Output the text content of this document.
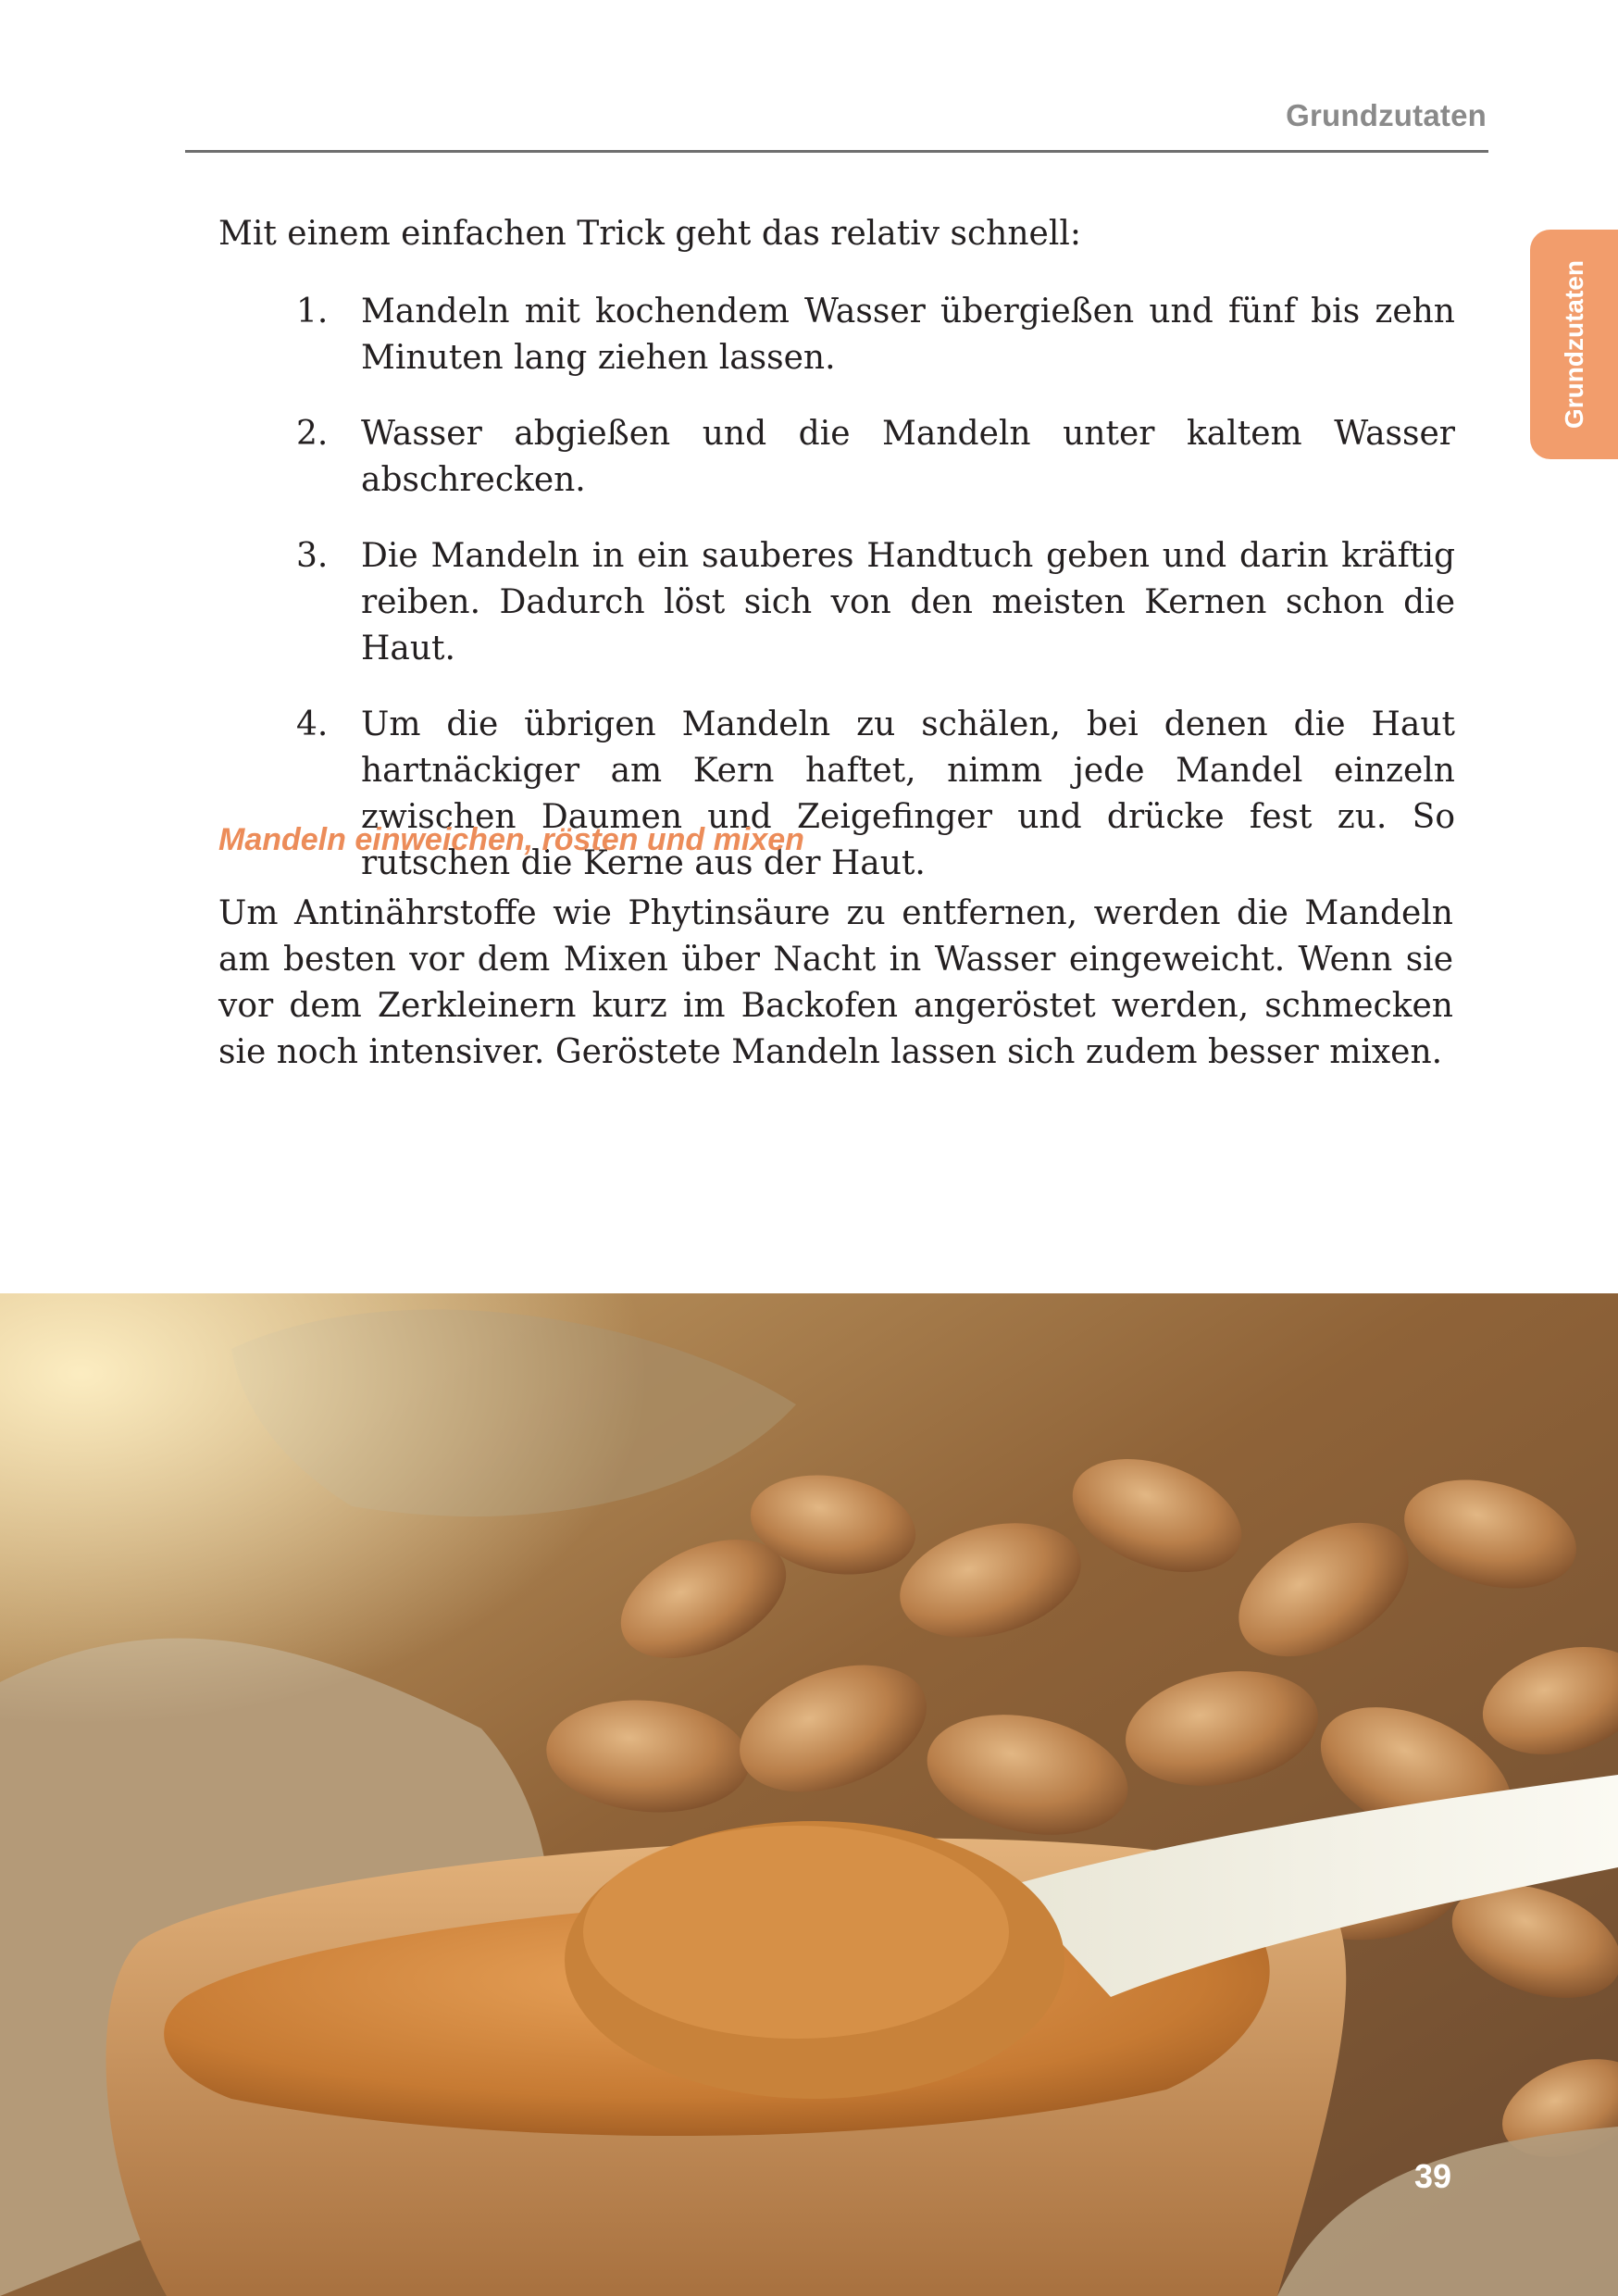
Grundzutaten
Grundzutaten

Mit einem einfachen Trick geht das relativ schnell:

1. Mandeln mit kochendem Wasser übergießen und fünf bis zehn Minuten lang ziehen lassen.
2. Wasser abgießen und die Mandeln unter kaltem Wasser abschrecken.
3. Die Mandeln in ein sauberes Handtuch geben und darin kräftig reiben. Dadurch löst sich von den meisten Kernen schon die Haut.
4. Um die übrigen Mandeln zu schälen, bei denen die Haut hartnäckiger am Kern haftet, nimm jede Mandel einzeln zwischen Daumen und Zeigefinger und drücke fest zu. So rutschen die Kerne aus der Haut.
Mandeln einweichen, rösten und mixen

Um Antinährstoffe wie Phytinsäure zu entfernen, werden die Mandeln am besten vor dem Mixen über Nacht in Wasser eingeweicht. Wenn sie vor dem Zerkleinern kurz im Backofen angeröstet werden, schmecken sie noch intensiver. Geröstete Mandeln lassen sich zudem besser mixen.

39
